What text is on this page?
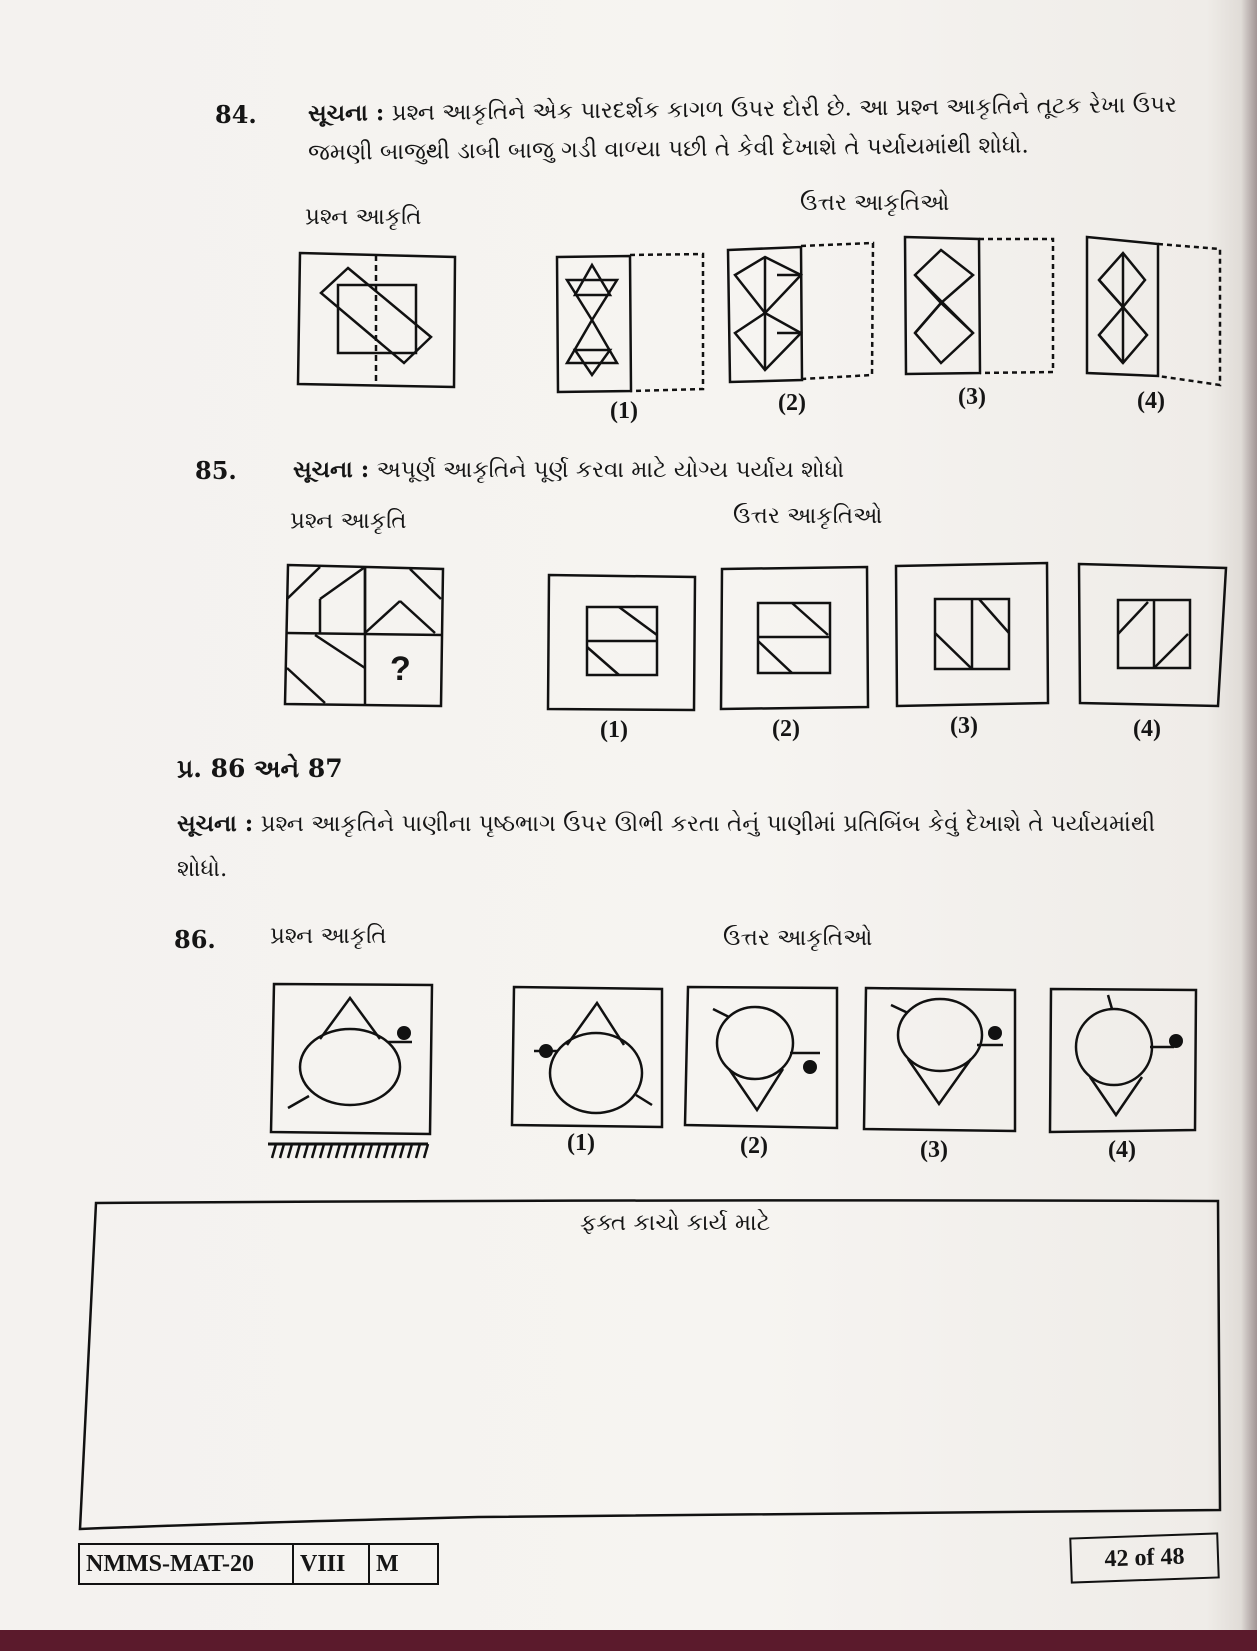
84. સૂચના : પ્રશ્ન આકૃતિને એક પારદર્શક કાગળ ઉપર દોરી છે. આ પ્રશ્ન આકૃતિને તૂટક રેખા ઉપર
જમણી બાજુથી ડાબી બાજુ ગડી વાળ્યા પછી તે કેવી દેખાશે તે પર્યાયમાંથી શોધો.
પ્રશ્ન આકૃતિ
ઉત્તર આકૃતિઓ
(1)	(2)	(3)	(4)
85. સૂચના : અપૂર્ણ આકૃતિને પૂર્ણ કરવા માટે યોગ્ય પર્યાય શોધો
પ્રશ્ન આકૃતિ	ઉત્તર આકૃતિઓ
?
(1)	(2)	(3)	(4)
પ્ર. 86 અને 87
સૂચના : પ્રશ્ન આકૃતિને પાણીના પૃષ્ઠભાગ ઉપર ઊભી કરતા તેનું પાણીમાં પ્રતિબિંબ કેવું દેખાશે તે પર્યાયમાંથી
શોધો.
86. પ્રશ્ન આકૃતિ	ઉત્તર આકૃતિઓ
(1)	(2)	(3)	(4)
ફક્ત કાચો કાર્ય માટે
NMMS-MAT-20	VIII	M	42 of 48
